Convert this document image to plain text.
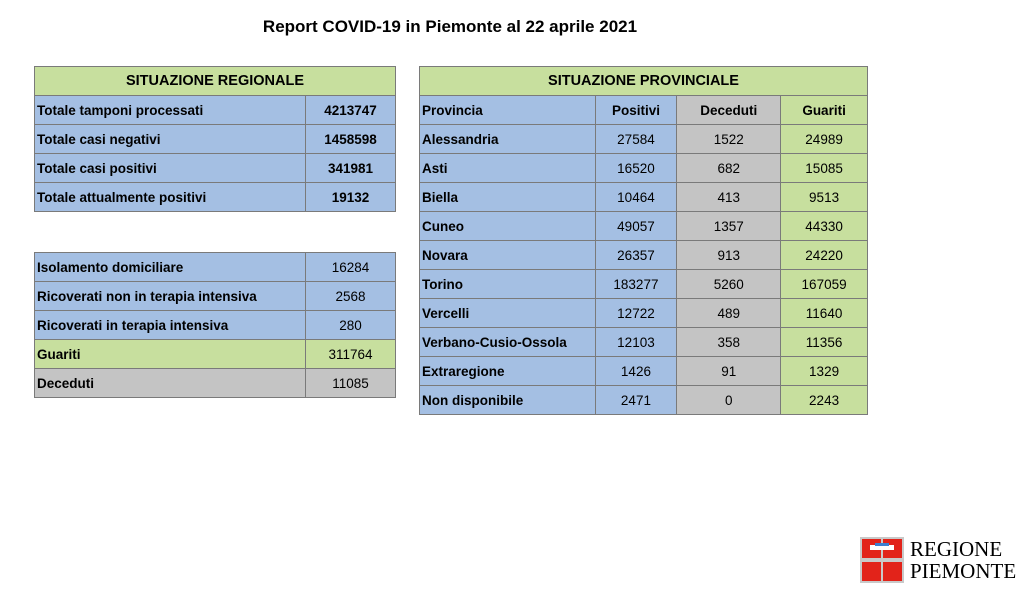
Report COVID-19 in Piemonte al 22 aprile 2021
SITUAZIONE REGIONALE	
Totale tamponi processati	4213747
Totale casi negativi	1458598
Totale casi positivi	341981
Totale attualmente positivi	19132
Isolamento domiciliare	16284
Ricoverati non in terapia intensiva	2568
Ricoverati in terapia intensiva	280
Guariti	311764
Deceduti	11085
SITUAZIONE PROVINCIALE			
Provincia	Positivi	Deceduti	Guariti
Alessandria	27584	1522	24989
Asti	16520	682	15085
Biella	10464	413	9513
Cuneo	49057	1357	44330
Novara	26357	913	24220
Torino	183277	5260	167059
Vercelli	12722	489	11640
Verbano-Cusio-Ossola	12103	358	11356
Extraregione	1426	91	1329
Non disponibile	2471	0	2243
REGIONE
PIEMONTE
